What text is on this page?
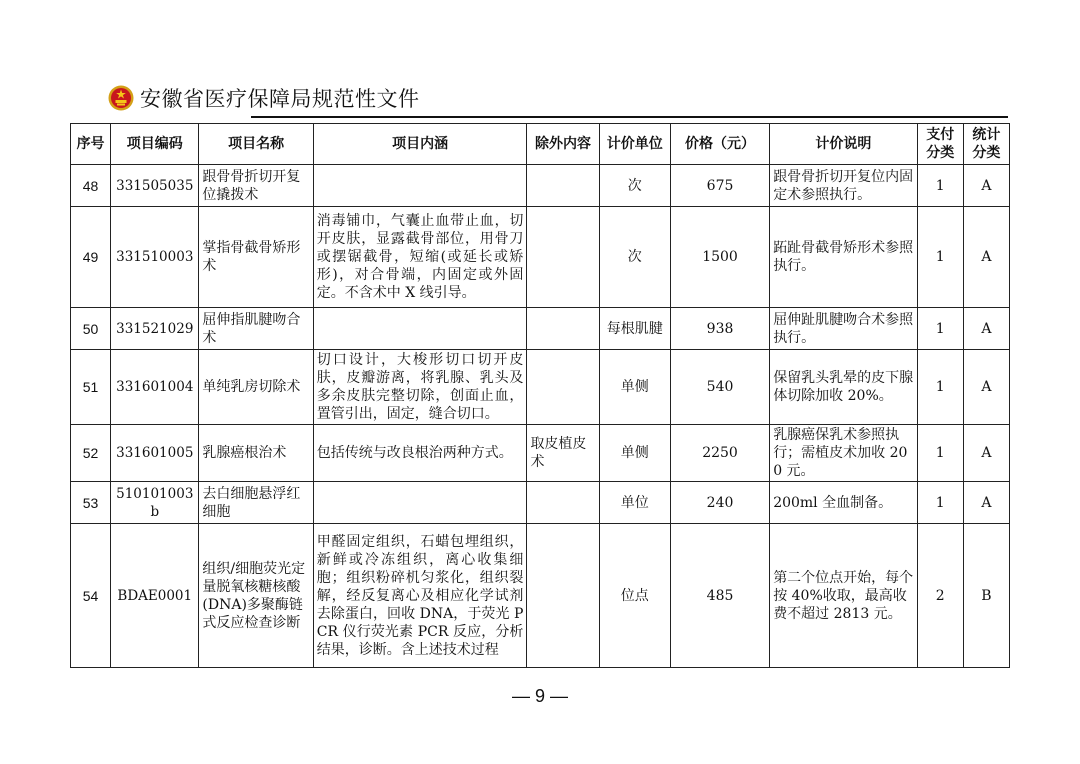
安徽省医疗保障局规范性文件
序号	项目编码	项目名称	项目内涵	除外内容	计价单位	价格（元）	计价说明	支付分类	统计分类
48	331505035	跟骨骨折切开复位撬拨术			次	675	跟骨骨折切开复位内固定术参照执行。	1	A
49	331510003	掌指骨截骨矫形术	消毒铺巾，气囊止血带止血，切开皮肤，显露截骨部位，用骨刀或摆锯截骨，短缩(或延长或矫形)，对合骨端，内固定或外固定。不含术中 X 线引导。		次	1500	跖趾骨截骨矫形术参照执行。	1	A
50	331521029	屈伸指肌腱吻合术			每根肌腱	938	屈伸趾肌腱吻合术参照执行。	1	A
51	331601004	单纯乳房切除术	切口设计，大梭形切口切开皮肤，皮瓣游离，将乳腺、乳头及多余皮肤完整切除，创面止血，置管引出，固定，缝合切口。		单侧	540	保留乳头乳晕的皮下腺体切除加收 20%。	1	A
52	331601005	乳腺癌根治术	包括传统与改良根治两种方式。	取皮植皮术	单侧	2250	乳腺癌保乳术参照执行；需植皮术加收 200 元。	1	A
53	510101003b	去白细胞悬浮红细胞			单位	240	200ml 全血制备。	1	A
54	BDAE0001	组织/细胞荧光定量脱氧核糖核酸(DNA)多聚酶链式反应检查诊断	甲醛固定组织，石蜡包埋组织，新鲜或冷冻组织，离心收集细胞；组织粉碎机匀浆化，组织裂解，经反复离心及相应化学试剂去除蛋白，回收 DNA，于荧光 PCR 仪行荧光素 PCR 反应，分析结果，诊断。含上述技术过程		位点	485	第二个位点开始，每个按 40%收取，最高收费不超过 2813 元。	2	B
— 9 —
